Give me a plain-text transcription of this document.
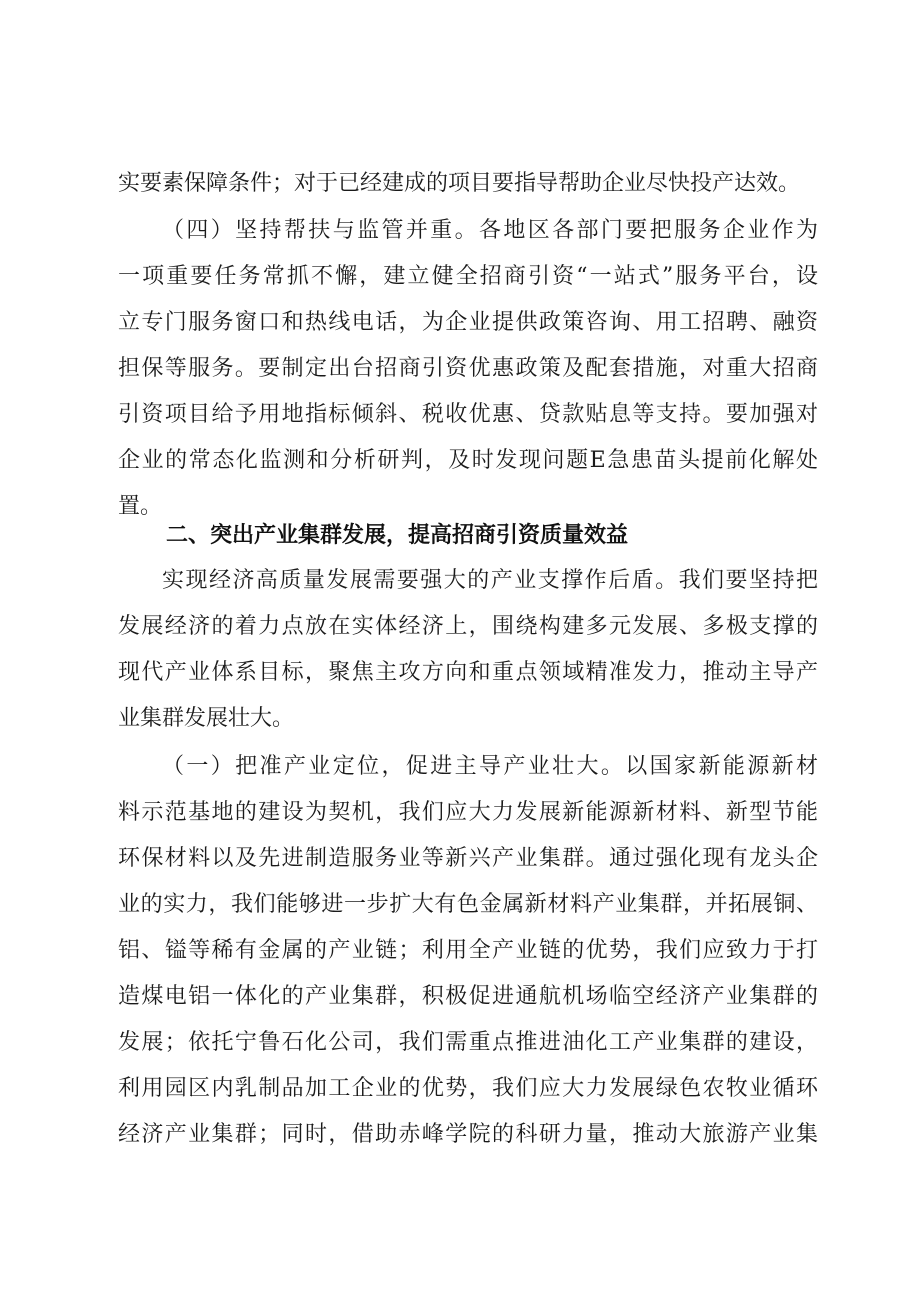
实要素保障条件；对于已经建成的项目要指导帮助企业尽快投产达效。
（四）坚持帮扶与监管并重。各地区各部门要把服务企业作为
一项重要任务常抓不懈，建立健全招商引资“一站式”服务平台，设
立专门服务窗口和热线电话，为企业提供政策咨询、用工招聘、融资
担保等服务。要制定出台招商引资优惠政策及配套措施，对重大招商
引资项目给予用地指标倾斜、税收优惠、贷款贴息等支持。要加强对
企业的常态化监测和分析研判，及时发现问题E急患苗头提前化解处
置。
二、突出产业集群发展，提高招商引资质量效益
实现经济高质量发展需要强大的产业支撑作后盾。我们要坚持把
发展经济的着力点放在实体经济上，围绕构建多元发展、多极支撑的
现代产业体系目标，聚焦主攻方向和重点领域精准发力，推动主导产
业集群发展壮大。
（一）把准产业定位，促进主导产业壮大。以国家新能源新材
料示范基地的建设为契机，我们应大力发展新能源新材料、新型节能
环保材料以及先进制造服务业等新兴产业集群。通过强化现有龙头企
业的实力，我们能够进一步扩大有色金属新材料产业集群，并拓展铜、
铝、镒等稀有金属的产业链；利用全产业链的优势，我们应致力于打
造煤电铝一体化的产业集群，积极促进通航机场临空经济产业集群的
发展；依托宁鲁石化公司，我们需重点推进油化工产业集群的建设，
利用园区内乳制品加工企业的优势，我们应大力发展绿色农牧业循环
经济产业集群；同时，借助赤峰学院的科研力量，推动大旅游产业集
